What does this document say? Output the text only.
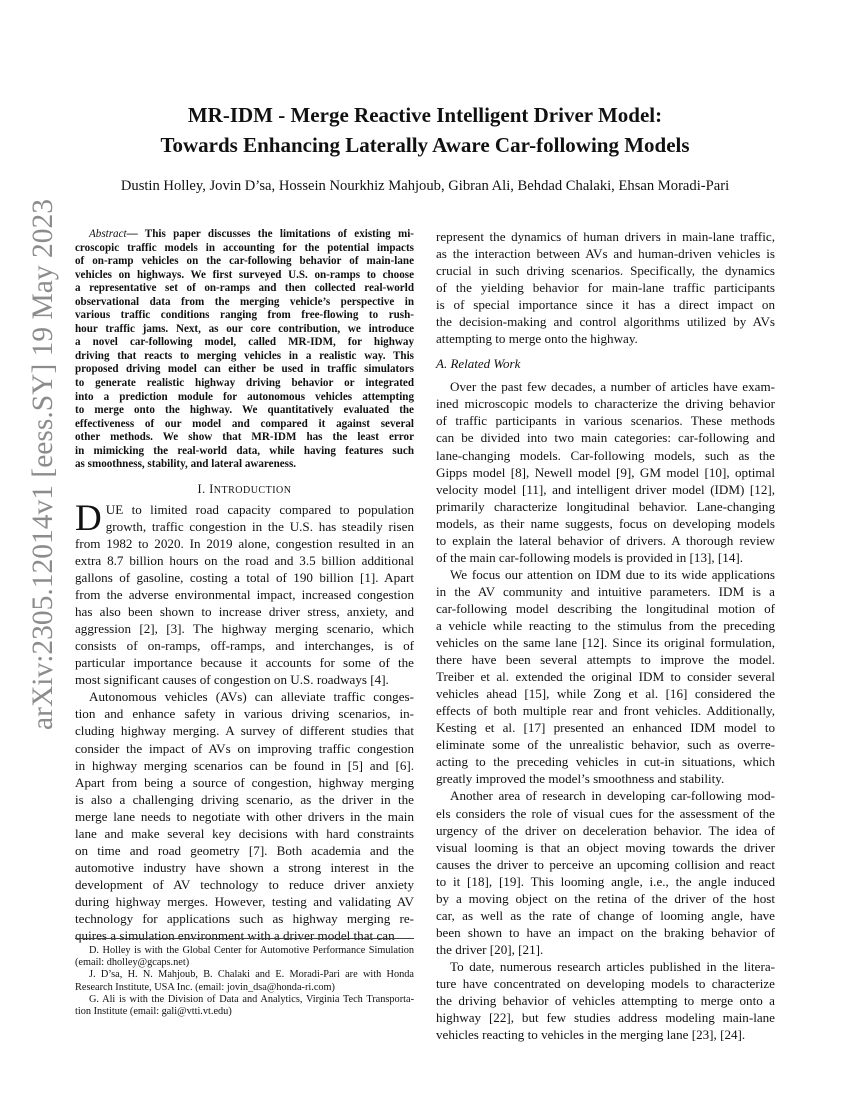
arXiv:2305.12014v1 [eess.SY] 19 May 2023
MR-IDM - Merge Reactive Intelligent Driver Model:
Towards Enhancing Laterally Aware Car-following Models
Dustin Holley, Jovin D’sa, Hossein Nourkhiz Mahjoub, Gibran Ali, Behdad Chalaki, Ehsan Moradi-Pari
Abstract— This paper discusses the limitations of existing mi-
croscopic traffic models in accounting for the potential impacts
of on-ramp vehicles on the car-following behavior of main-lane
vehicles on highways. We first surveyed U.S. on-ramps to choose
a representative set of on-ramps and then collected real-world
observational data from the merging vehicle’s perspective in
various traffic conditions ranging from free-flowing to rush-
hour traffic jams. Next, as our core contribution, we introduce
a novel car-following model, called MR-IDM, for highway
driving that reacts to merging vehicles in a realistic way. This
proposed driving model can either be used in traffic simulators
to generate realistic highway driving behavior or integrated
into a prediction module for autonomous vehicles attempting
to merge onto the highway. We quantitatively evaluated the
effectiveness of our model and compared it against several
other methods. We show that MR-IDM has the least error
in mimicking the real-world data, while having features such
as smoothness, stability, and lateral awareness.
I. INTRODUCTION
D UE to limited road capacity compared to population
growth, traffic congestion in the U.S. has steadily risen
from 1982 to 2020. In 2019 alone, congestion resulted in an
extra 8.7 billion hours on the road and 3.5 billion additional
gallons of gasoline, costing a total of 190 billion [1]. Apart
from the adverse environmental impact, increased congestion
has also been shown to increase driver stress, anxiety, and
aggression [2], [3]. The highway merging scenario, which
consists of on-ramps, off-ramps, and interchanges, is of
particular importance because it accounts for some of the
most significant causes of congestion on U.S. roadways [4].
Autonomous vehicles (AVs) can alleviate traffic conges-
tion and enhance safety in various driving scenarios, in-
cluding highway merging. A survey of different studies that
consider the impact of AVs on improving traffic congestion
in highway merging scenarios can be found in [5] and [6].
Apart from being a source of congestion, highway merging
is also a challenging driving scenario, as the driver in the
merge lane needs to negotiate with other drivers in the main
lane and make several key decisions with hard constraints
on time and road geometry [7]. Both academia and the
automotive industry have shown a strong interest in the
development of AV technology to reduce driver anxiety
during highway merges. However, testing and validating AV
technology for applications such as highway merging re-
quires a simulation environment with a driver model that can
D. Holley is with the Global Center for Automotive Performance Simulation
(email: dholley@gcaps.net)
J. D’sa, H. N. Mahjoub, B. Chalaki and E. Moradi-Pari are with Honda
Research Institute, USA Inc. (email: jovin_dsa@honda-ri.com)
G. Ali is with the Division of Data and Analytics, Virginia Tech Transporta-
tion Institute (email: gali@vtti.vt.edu)
represent the dynamics of human drivers in main-lane traffic,
as the interaction between AVs and human-driven vehicles is
crucial in such driving scenarios. Specifically, the dynamics
of the yielding behavior for main-lane traffic participants
is of special importance since it has a direct impact on
the decision-making and control algorithms utilized by AVs
attempting to merge onto the highway.
A. Related Work
Over the past few decades, a number of articles have exam-
ined microscopic models to characterize the driving behavior
of traffic participants in various scenarios. These methods
can be divided into two main categories: car-following and
lane-changing models. Car-following models, such as the
Gipps model [8], Newell model [9], GM model [10], optimal
velocity model [11], and intelligent driver model (IDM) [12],
primarily characterize longitudinal behavior. Lane-changing
models, as their name suggests, focus on developing models
to explain the lateral behavior of drivers. A thorough review
of the main car-following models is provided in [13], [14].
We focus our attention on IDM due to its wide applications
in the AV community and intuitive parameters. IDM is a
car-following model describing the longitudinal motion of
a vehicle while reacting to the stimulus from the preceding
vehicles on the same lane [12]. Since its original formulation,
there have been several attempts to improve the model.
Treiber et al. extended the original IDM to consider several
vehicles ahead [15], while Zong et al. [16] considered the
effects of both multiple rear and front vehicles. Additionally,
Kesting et al. [17] presented an enhanced IDM model to
eliminate some of the unrealistic behavior, such as overre-
acting to the preceding vehicles in cut-in situations, which
greatly improved the model’s smoothness and stability.
Another area of research in developing car-following mod-
els considers the role of visual cues for the assessment of the
urgency of the driver on deceleration behavior. The idea of
visual looming is that an object moving towards the driver
causes the driver to perceive an upcoming collision and react
to it [18], [19]. This looming angle, i.e., the angle induced
by a moving object on the retina of the driver of the host
car, as well as the rate of change of looming angle, have
been shown to have an impact on the braking behavior of
the driver [20], [21].
To date, numerous research articles published in the litera-
ture have concentrated on developing models to characterize
the driving behavior of vehicles attempting to merge onto a
highway [22], but few studies address modeling main-lane
vehicles reacting to vehicles in the merging lane [23], [24].
